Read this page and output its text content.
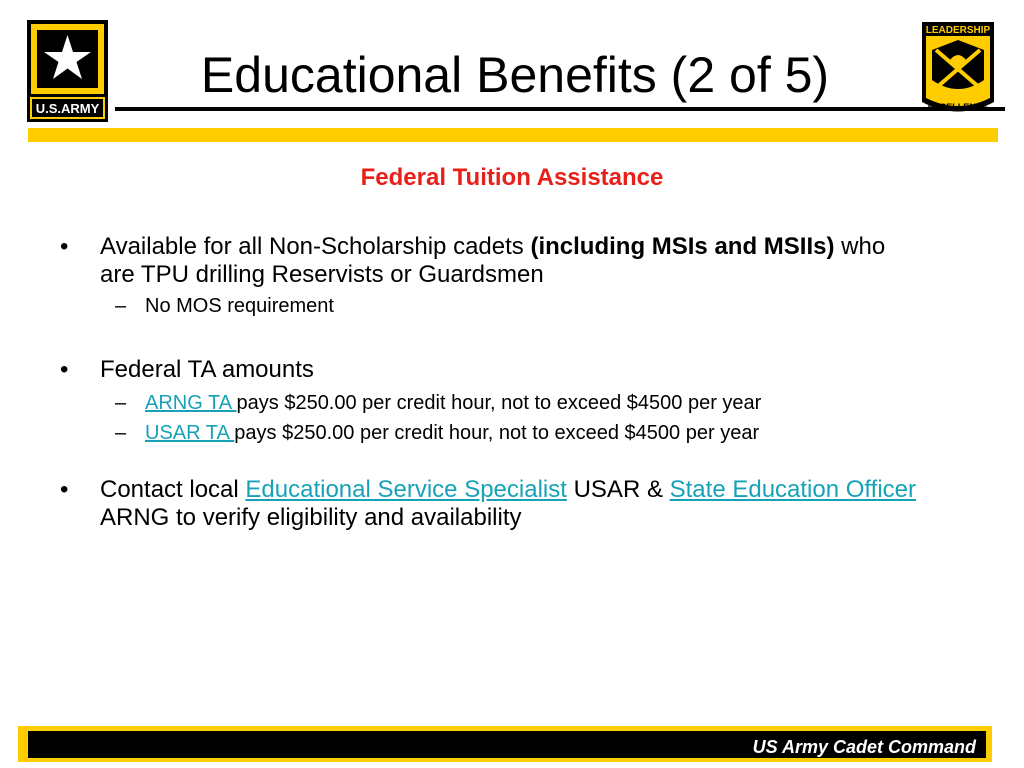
U.S.ARMY
LEADERSHIP
Educational Benefits (2 of 5)
Federal Tuition Assistance
• Available for all Non-Scholarship cadets (including MSIs and MSIIs) who are TPU drilling Reservists or Guardsmen
– No MOS requirement
• Federal TA amounts
– ARNG TA pays $250.00 per credit hour, not to exceed $4500 per year
– USAR TA pays $250.00 per credit hour, not to exceed $4500 per year
• Contact local Educational Service Specialist USAR & State Education Officer ARNG to verify eligibility and availability
US Army Cadet Command
